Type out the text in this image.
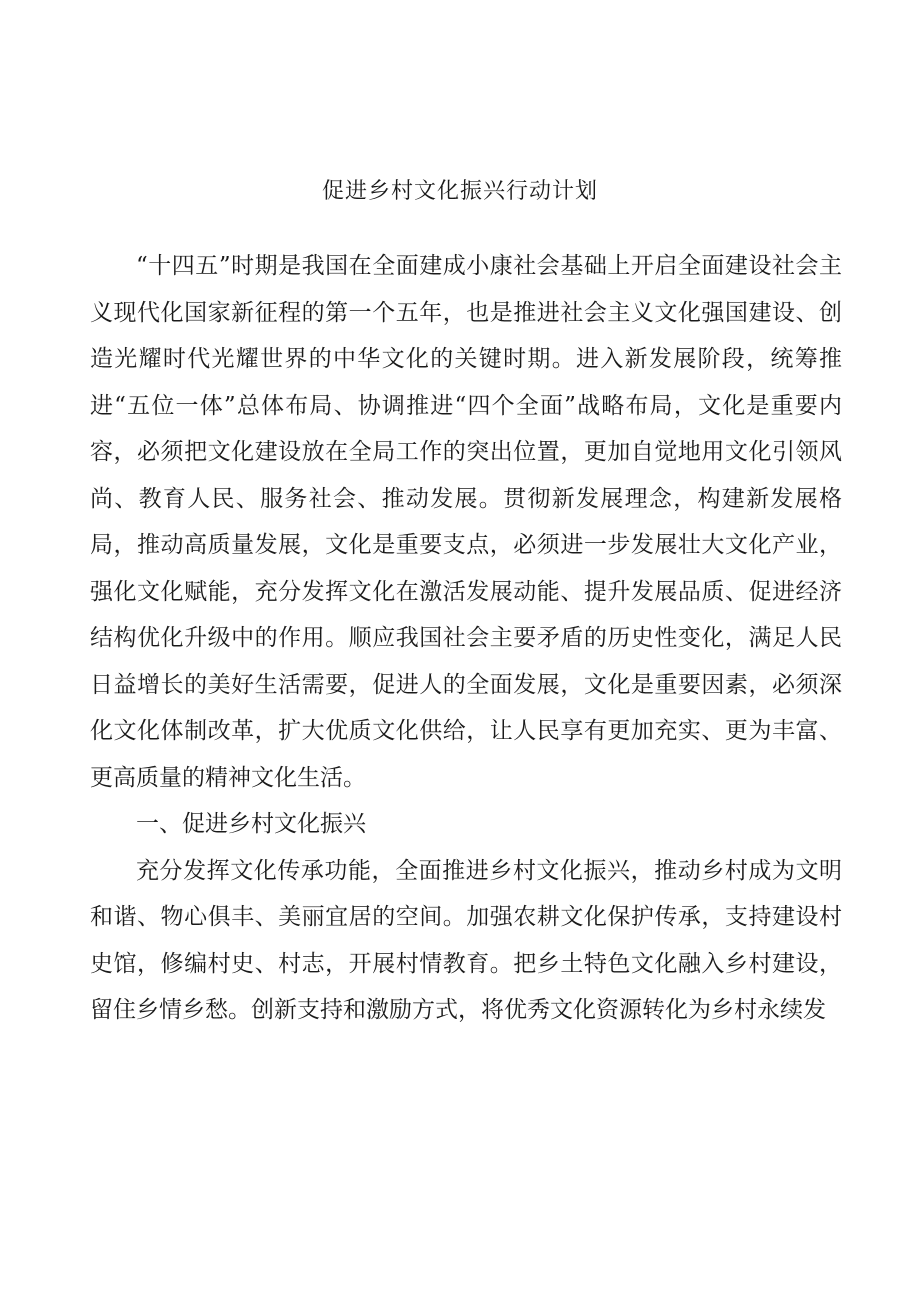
促进乡村文化振兴行动计划

“十四五”时期是我国在全面建成小康社会基础上开启全面建设社会主义现代化国家新征程的第一个五年，也是推进社会主义文化强国建设、创造光耀时代光耀世界的中华文化的关键时期。进入新发展阶段，统筹推进“五位一体”总体布局、协调推进“四个全面”战略布局，文化是重要内容，必须把文化建设放在全局工作的突出位置，更加自觉地用文化引领风尚、教育人民、服务社会、推动发展。贯彻新发展理念，构建新发展格局，推动高质量发展，文化是重要支点，必须进一步发展壮大文化产业，强化文化赋能，充分发挥文化在激活发展动能、提升发展品质、促进经济结构优化升级中的作用。顺应我国社会主要矛盾的历史性变化，满足人民日益增长的美好生活需要，促进人的全面发展，文化是重要因素，必须深化文化体制改革，扩大优质文化供给，让人民享有更加充实、更为丰富、更高质量的精神文化生活。

一、促进乡村文化振兴

充分发挥文化传承功能，全面推进乡村文化振兴，推动乡村成为文明和谐、物心俱丰、美丽宜居的空间。加强农耕文化保护传承，支持建设村史馆，修编村史、村志，开展村情教育。把乡土特色文化融入乡村建设，留住乡情乡愁。创新支持和激励方式，将优秀文化资源转化为乡村永续发
